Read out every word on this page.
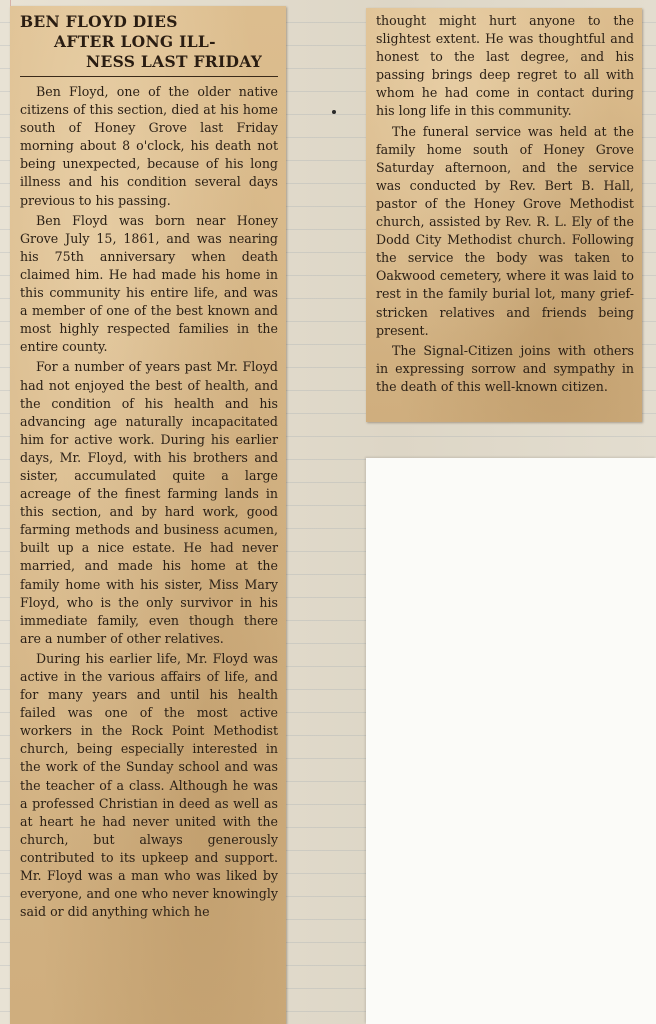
BEN FLOYD DIES
AFTER LONG ILL-
NESS LAST FRIDAY

Ben Floyd, one of the older native citizens of this section, died at his home south of Honey Grove last Friday morning about 8 o'clock, his death not being unexpected, because of his long illness and his condition several days previous to his passing.

Ben Floyd was born near Honey Grove July 15, 1861, and was nearing his 75th anniversary when death claimed him. He had made his home in this community his entire life, and was a member of one of the best known and most highly respected families in the entire county.

For a number of years past Mr. Floyd had not enjoyed the best of health, and the condition of his health and his advancing age naturally incapacitated him for active work. During his earlier days, Mr. Floyd, with his brothers and sister, accumulated quite a large acreage of the finest farming lands in this section, and by hard work, good farming methods and business acumen, built up a nice estate. He had never married, and made his home at the family home with his sister, Miss Mary Floyd, who is the only survivor in his immediate family, even though there are a number of other relatives.

During his earlier life, Mr. Floyd was active in the various affairs of life, and for many years and until his health failed was one of the most active workers in the Rock Point Methodist church, being especially interested in the work of the Sunday school and was the teacher of a class. Although he was a professed Christian in deed as well as at heart he had never united with the church, but always generously contributed to its upkeep and support. Mr. Floyd was a man who was liked by everyone, and one who never knowingly said or did anything which he

thought might hurt anyone to the slightest extent. He was thoughtful and honest to the last degree, and his passing brings deep regret to all with whom he had come in contact during his long life in this community.

The funeral service was held at the family home south of Honey Grove Saturday afternoon, and the service was conducted by Rev. Bert B. Hall, pastor of the Honey Grove Methodist church, assisted by Rev. R. L. Ely of the Dodd City Methodist church. Following the service the body was taken to Oakwood cemetery, where it was laid to rest in the family burial lot, many grief-stricken relatives and friends being present.

The Signal-Citizen joins with others in expressing sorrow and sympathy in the death of this well-known citizen.
